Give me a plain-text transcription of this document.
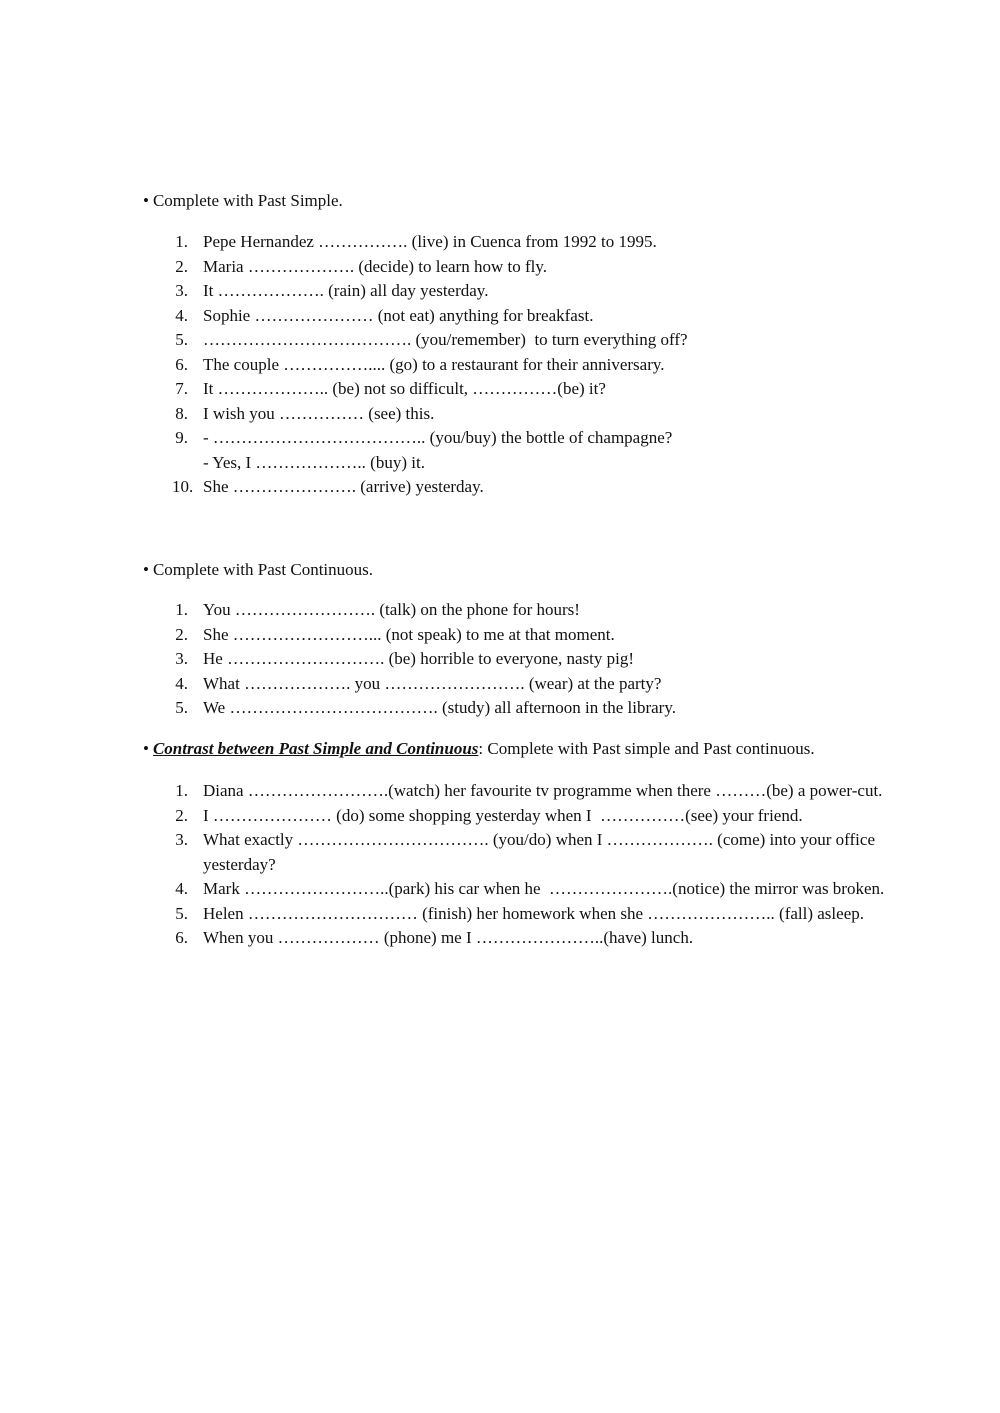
• Complete with Past Simple.
1 . Pepe Hernandez ……………. (live) in Cuenca from 1992 to 1995.
2 . Maria ………………. (decide) to learn how to fly.
3 . It ………………. (rain) all day yesterday.
4 . Sophie ………………… (not eat) anything for breakfast.
5 . ………………………………. (you/remember)  to turn everything off?
6 . The couple …………….... (go) to a restaurant for their anniversary.
7 . It ……………….. (be) not so difficult, ……………(be) it?
8 . I wish you …………… (see) this.
9 . - ……………………………….. (you/buy) the bottle of champagne?
- Yes, I ……………….. (buy) it.
10 . She …………………. (arrive) yesterday.
• Complete with Past Continuous.
1 . You ……………………. (talk) on the phone for hours!
2 . She ……………………... (not speak) to me at that moment.
3 . He ………………………. (be) horrible to everyone, nasty pig!
4 . What ………………. you ……………………. (wear) at the party?
5 . We ………………………………. (study) all afternoon in the library.
• Contrast between Past Simple and Continuous: Complete with Past simple and Past continuous.
1 . Diana …………………….(watch) her favourite tv programme when there ………(be) a power-cut.
2 . I ………………… (do) some shopping yesterday when I  ……………(see) your friend.
3 . What exactly ……………………………. (you/do) when I ………………. (come) into your office yesterday?
4 . Mark ……………………..(park) his car when he  ………………….(notice) the mirror was broken.
5 . Helen ………………………… (finish) her homework when she ………………….. (fall) asleep.
6 . When you ……………… (phone) me I …………………..(have) lunch.
